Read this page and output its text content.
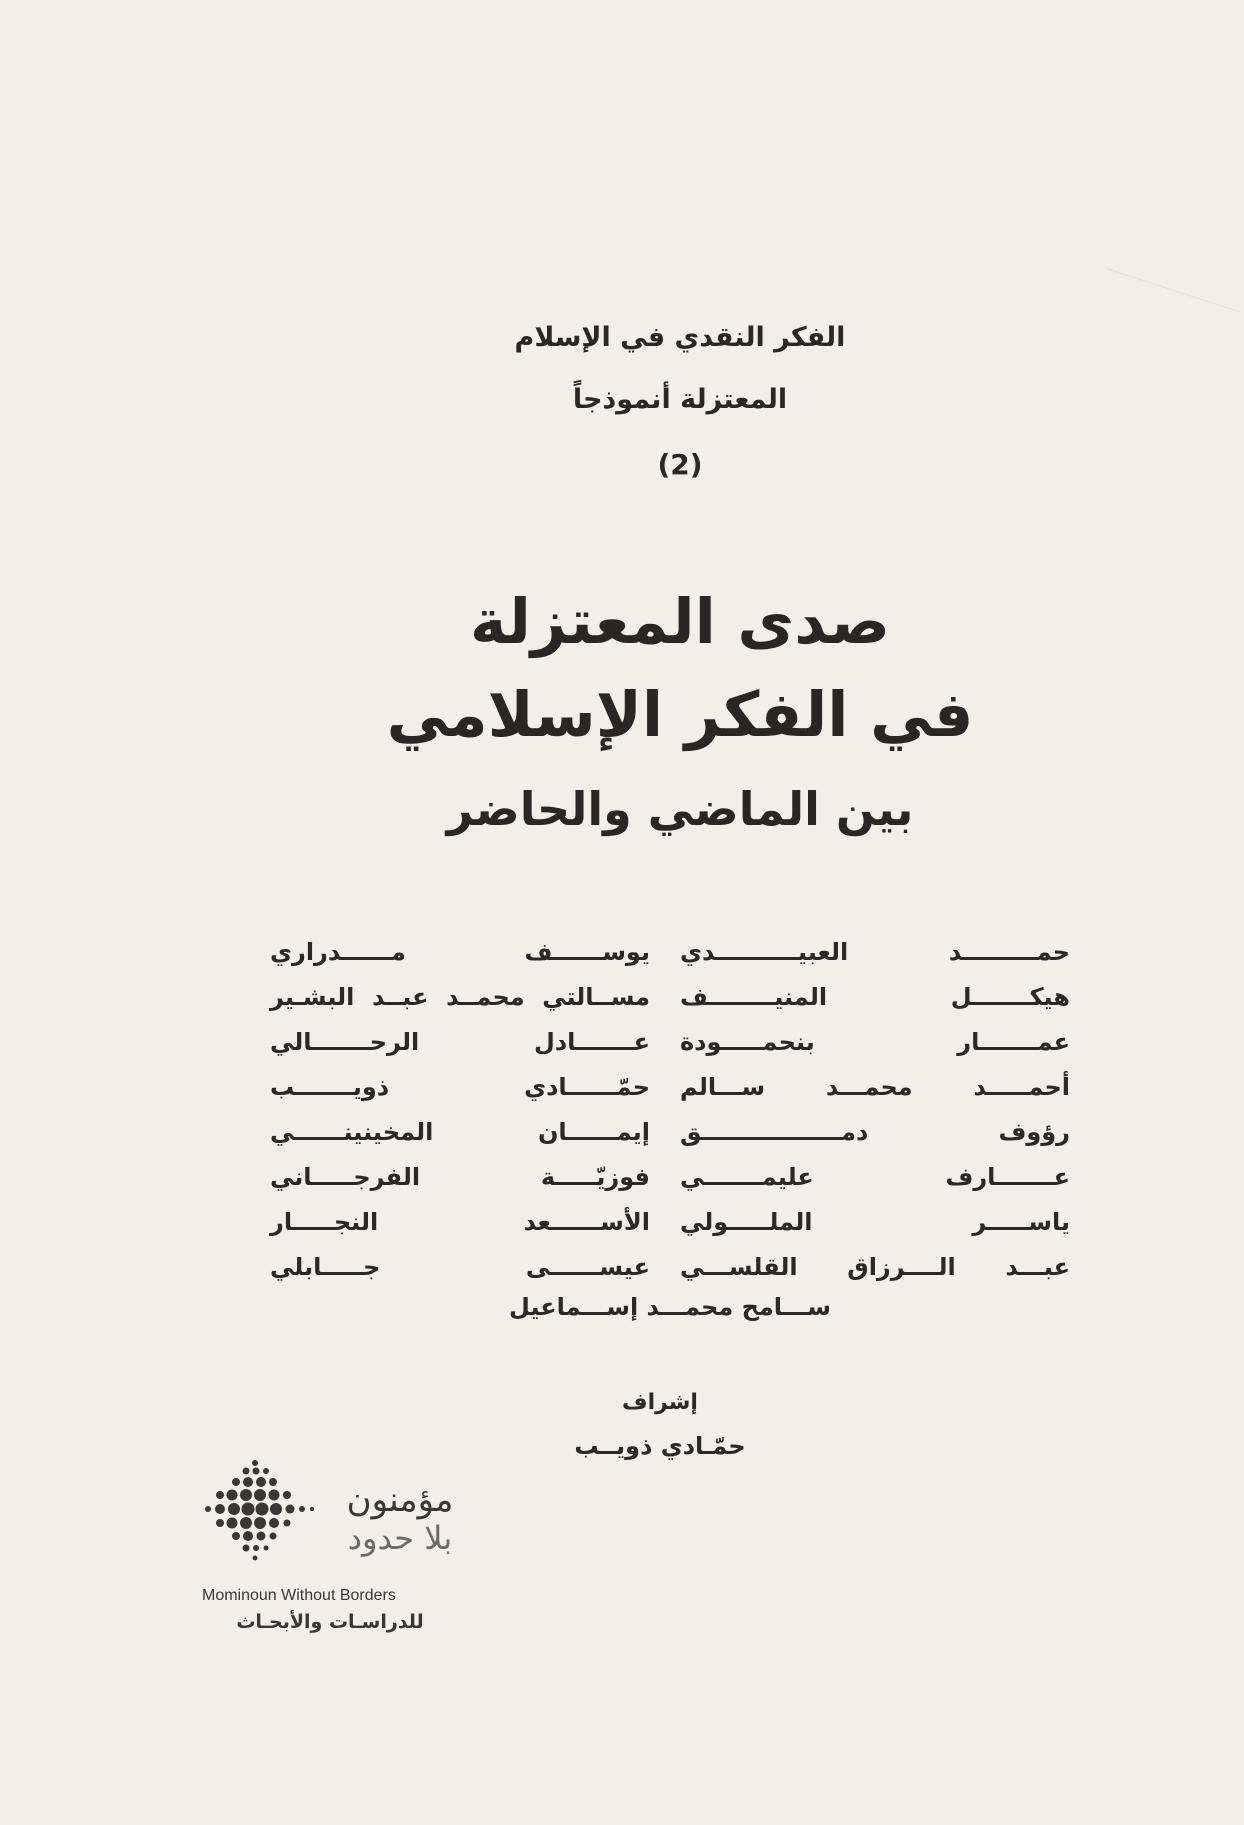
الفكر النقدي في الإسلام
المعتزلة أنموذجاً
(2)
صدى المعتزلة
في الفكر الإسلامي
بين الماضي والحاضر
حمـــــــــد العبيــــــــــدي
هيكـــــــل المنيــــــــف
عمـــــــار بنحمـــــودة
أحمـــــد محمـــد ســـالم
رؤوف دمـــــــــــــــــق
عـــــــارف عليمـــــــي
ياســـــر الملـــــولي
عبـــد الــــرزاق القلســـي
يوســــــف مــــــدراري
مســالتي محمــد عبــد البشـير
عـــــــادل الرحـــــــالي
حمّــــــادي ذويـــــــب
إيمــــــان المخينينــــــي
فوزيّـــــة الفرجـــــاني
الأســــــعد النجـــــار
عيســــــى جـــــابلي
ســـامح محمـــد إســـماعيل
إشراف
حمّـادي ذويــب
مؤمنون
بلا حدود
Mominoun Without Borders
للدراسـات والأبحـاث
